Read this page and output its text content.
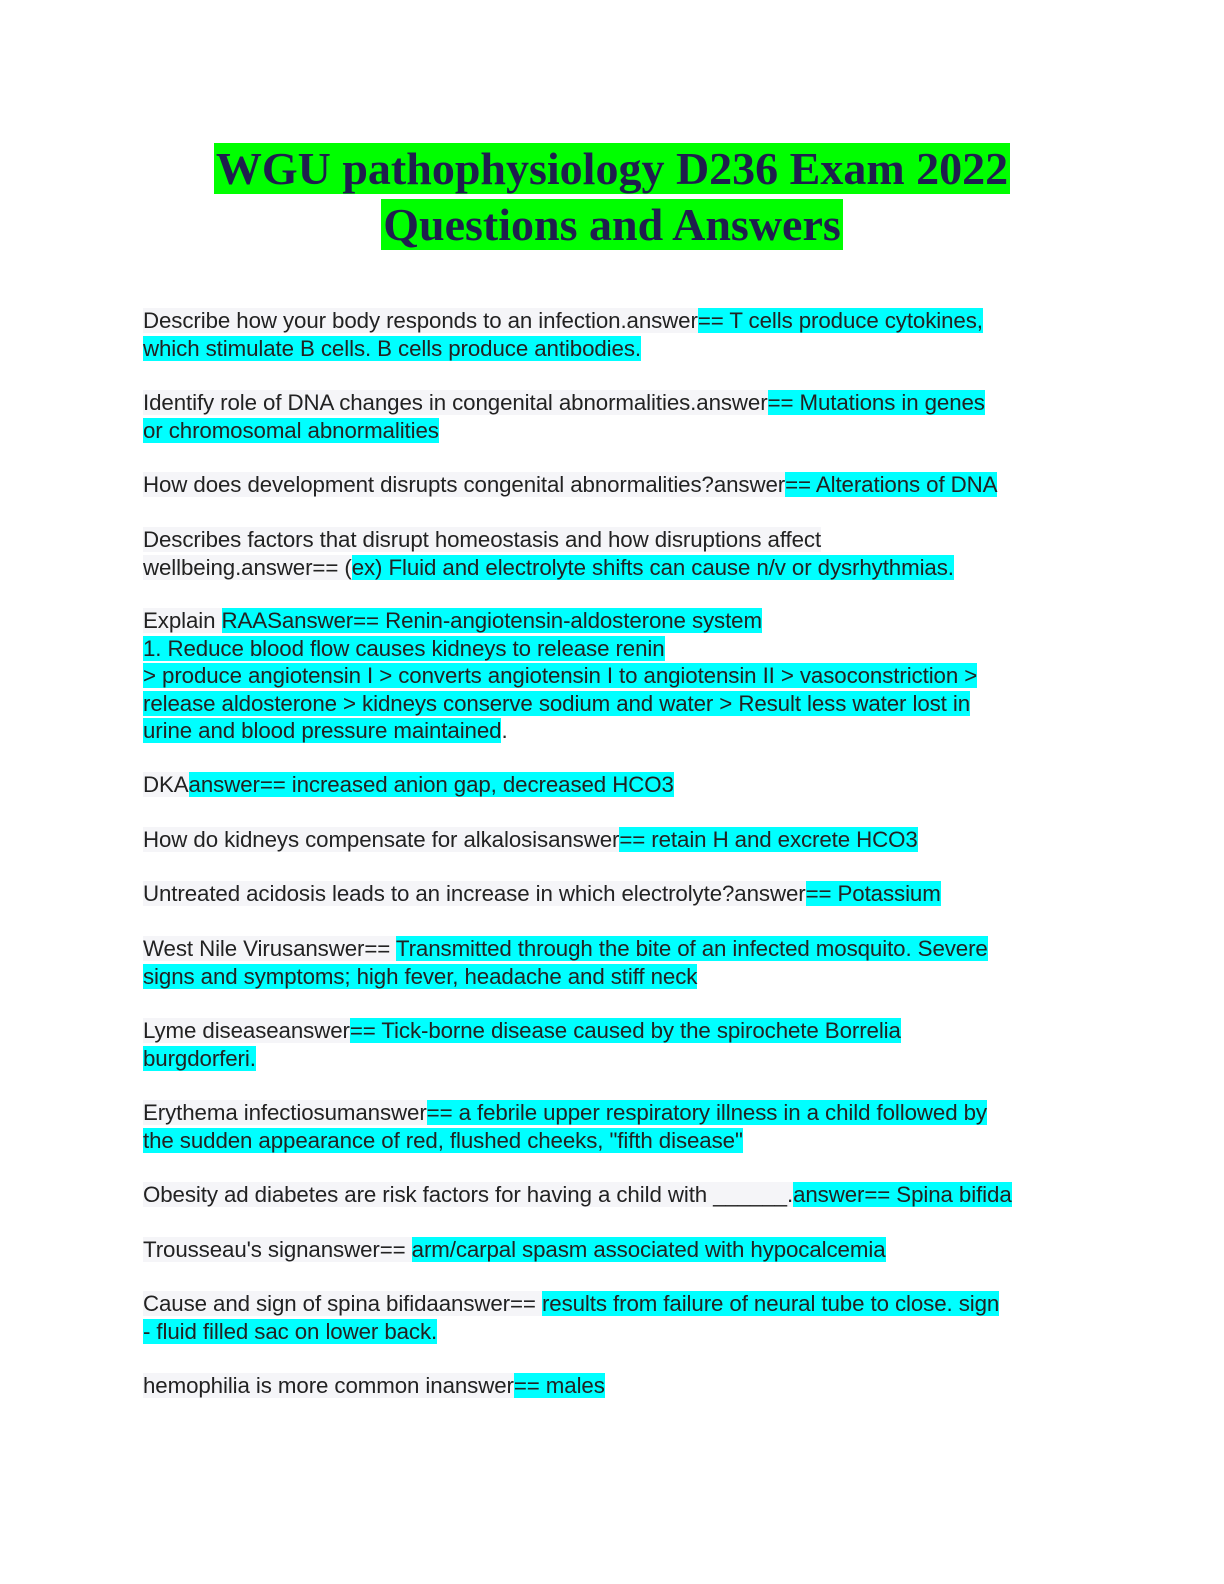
WGU pathophysiology D236 Exam 2022
Questions and Answers
Describe how your body responds to an infection.answer== T cells produce cytokines,
which stimulate B cells. B cells produce antibodies.
Identify role of DNA changes in congenital abnormalities.answer== Mutations in genes
or chromosomal abnormalities
How does development disrupts congenital abnormalities?answer== Alterations of DNA
Describes factors that disrupt homeostasis and how disruptions affect
wellbeing.answer== (ex) Fluid and electrolyte shifts can cause n/v or dysrhythmias.
Explain RAASanswer== Renin-angiotensin-aldosterone system
1. Reduce blood flow causes kidneys to release renin
> produce angiotensin I > converts angiotensin I to angiotensin II > vasoconstriction >
release aldosterone > kidneys conserve sodium and water > Result less water lost in
urine and blood pressure maintained.
DKAanswer== increased anion gap, decreased HCO3
How do kidneys compensate for alkalosisanswer== retain H and excrete HCO3
Untreated acidosis leads to an increase in which electrolyte?answer== Potassium
West Nile Virusanswer== Transmitted through the bite of an infected mosquito. Severe
signs and symptoms; high fever, headache and stiff neck
Lyme diseaseanswer== Tick-borne disease caused by the spirochete Borrelia
burgdorferi.
Erythema infectiosumanswer== a febrile upper respiratory illness in a child followed by
the sudden appearance of red, flushed cheeks, "fifth disease"
Obesity ad diabetes are risk factors for having a child with ______.answer== Spina bifida
Trousseau's signanswer== arm/carpal spasm associated with hypocalcemia
Cause and sign of spina bifidaanswer== results from failure of neural tube to close. sign
- fluid filled sac on lower back.
hemophilia is more common inanswer== males
